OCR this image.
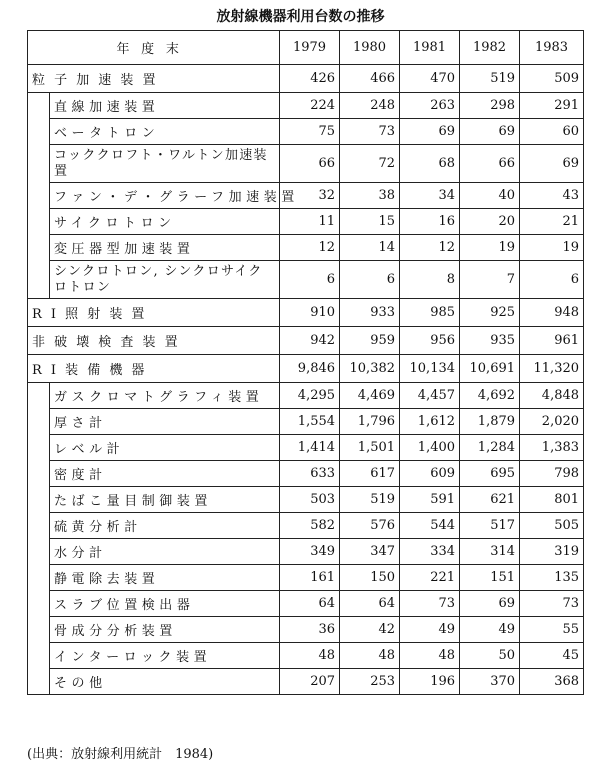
放射線機器利用台数の推移
年度末		1979	1980	1981	1982	1983
粒子加速装置		426	466	470	519	509
	直線加速装置	224	248	263	298	291
	ベータトロン	75	73	69	69	60
	コッククロフト・ワルトン加速装置	66	72	68	66	69
	ファン・デ・グラーフ加速装置	32	38	34	40	43
	サイクロトロン	11	15	16	20	21
	変圧器型加速装置	12	14	12	19	19
	シンクロトロン, シンクロサイクロトロン	6	6	8	7	6
RI照射装置		910	933	985	925	948
非破壊検査装置		942	959	956	935	961
RI装備機器		9,846	10,382	10,134	10,691	11,320
	ガスクロマトグラフィ装置	4,295	4,469	4,457	4,692	4,848
	厚さ計	1,554	1,796	1,612	1,879	2,020
	レベル計	1,414	1,501	1,400	1,284	1,383
	密度計	633	617	609	695	798
	たばこ量目制御装置	503	519	591	621	801
	硫黄分析計	582	576	544	517	505
	水分計	349	347	334	314	319
	静電除去装置	161	150	221	151	135
	スラブ位置検出器	64	64	73	69	73
	骨成分分析装置	36	42	49	49	55
	インターロック装置	48	48	48	50	45
	その他	207	253	196	370	368
(出典：放射線利用統計　1984)
